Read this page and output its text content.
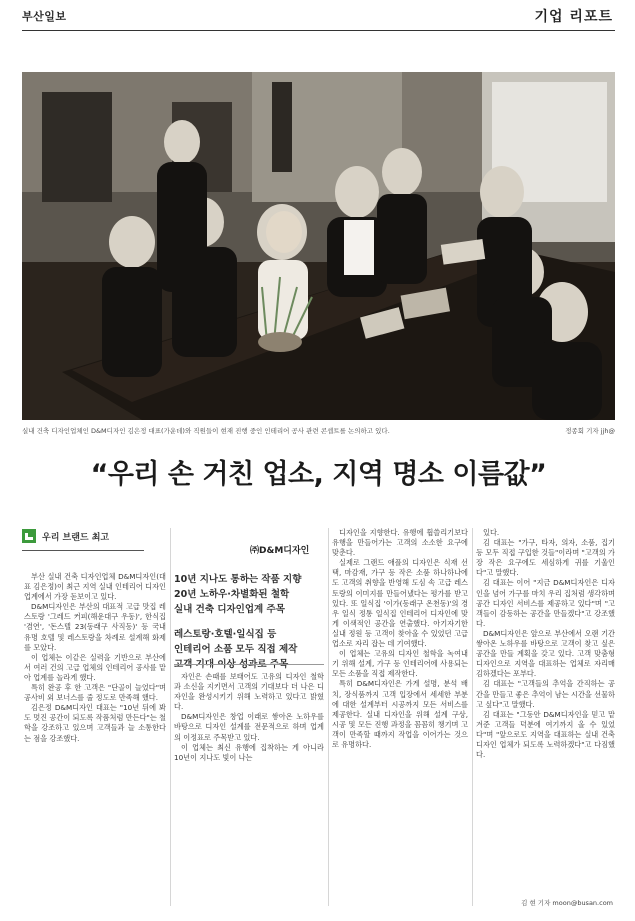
부산일보	기업 리포트
실내 건축 디자인업체인 D&M디자인 김은정 대표(가운데)와 직원들이 현재 진행 중인 인테리어 공사 관련 콘셉트를 논의하고 있다.	정종회 기자 jjh@
“우리 손 거친 업소, 지역 명소 이름값”
우리 브랜드 최고
㈜D&M디자인
10년 지나도 통하는 작품 지향
20년 노하우·차별화된 철학
실내 건축 디자인업계 주목
레스토랑·호텔·일식집 등
인테리어 소품 모두 직접 제작
고객 기대 이상 성과로 주목

부산 실내 건축 디자인업체 D&M디자인(대표 김은정)이 최근 지역 실내 인테리어 디자인 업계에서 가장 돋보이고 있다.

D&M디자인은 부산의 대표적 고급 맛집 레스토랑 '그레드 커피(해운대구 우동)', 한식집 '겸연', '돈스텔 23(동래구 사직동)' 등 국내 유명 호텔 및 레스토랑을 차례로 설계해 화제를 모았다.

이 업체는 이같은 실력을 기반으로 부산에서 여러 건의 고급 업체의 인테리어 공사를 맡아 업계를 놀라게 했다.

특히 완공 후 한 고객은 "단골이 늘었다"며 공사비 외 보너스를 줄 정도로 만족해 했다.

김은정 D&M디자인 대표는 "10년 뒤에 봐도 멋진 공간이 되도록 작품처럼 만든다"는 철학을 강조하고 있으며 고객들과 늘 소통한다는 점을 강조했다.

자인은 손때를 보태어도 고유의 디자인 철학과 소신을 지키면서 고객의 기대보다 더 나은 디자인을 완성시키기 위해 노력하고 있다고 밝혔다.

D&M디자인은 창업 이래로 쌓아온 노하우를 바탕으로 디자인 설계를 전문적으로 하며 업계의 이정표로 주목받고 있다.

이 업체는 최신 유행에 집착하는 게 아니라 10년이 지나도 빛이 나는

디자인을 지향한다. 유행에 휩쓸리기보다 유행을 만들어가는 고객의 소소한 요구에 맞춘다.

실제로 그랜드 애플의 디자인은 식재 선택, 마감재, 가구 등 작은 소품 하나하나에도 고객의 취향을 반영해 도심 속 고급 레스토랑의 이미지를 만들어냈다는 평가를 받고 있다. 또 일식집 '이가(동래구 온천동)'의 경우 일식 정통 일식집 인테리어 디자인에 맞게 이색적인 공간을 연출했다. 아기자기한 실내 정원 등 고객이 찾아올 수 있었던 고급업소로 자리 잡는 데 기여했다.

이 업체는 고유의 디자인 철학을 녹여내기 위해 설계, 가구 등 인테리어에 사용되는 모든 소품을 직접 제작한다.

특히 D&M디자인은 가게 설명, 분석 배치, 장식품까지 고객 입장에서 세세한 부분에 대한 설계부터 시공까지 모든 서비스를 제공한다. 실내 디자인을 위해 설계 구상, 시공 및 모든 진행 과정을 꼼꼼히 챙기며 고객이 만족할 때까지 작업을 이어가는 것으로 유명하다.

있다.

김 대표는 "가구, 타자, 의자, 소품, 집기 등 모두 직접 구입한 것들"이라며 "고객의 가장 작은 요구에도 세심하게 귀를 기울인다"고 말했다.

김 대표는 이어 "지금 D&M디자인은 디자인을 넘어 가구를 마치 우리 집처럼 생각하며 공간 디자인 서비스를 제공하고 있다"며 "고객들이 감동하는 공간을 만들겠다"고 강조했다.

D&M디자인은 앞으로 부산에서 오랜 기간 쌓아온 노하우를 바탕으로 고객이 찾고 싶은 공간을 만들 계획을 갖고 있다. 고객 맞춤형 디자인으로 지역을 대표하는 업체로 자리매김하겠다는 포부다.

김 대표는 "고객들의 추억을 간직하는 공간을 만들고 좋은 추억이 남는 시간을 선물하고 싶다"고 말했다.

김 대표는 "그동안 D&M디자인을 믿고 맡겨준 고객들 덕분에 여기까지 올 수 있었다"며 "앞으로도 지역을 대표하는 실내 건축 디자인 업체가 되도록 노력하겠다"고 다짐했다.

김 현 기자 moon@busan.com
